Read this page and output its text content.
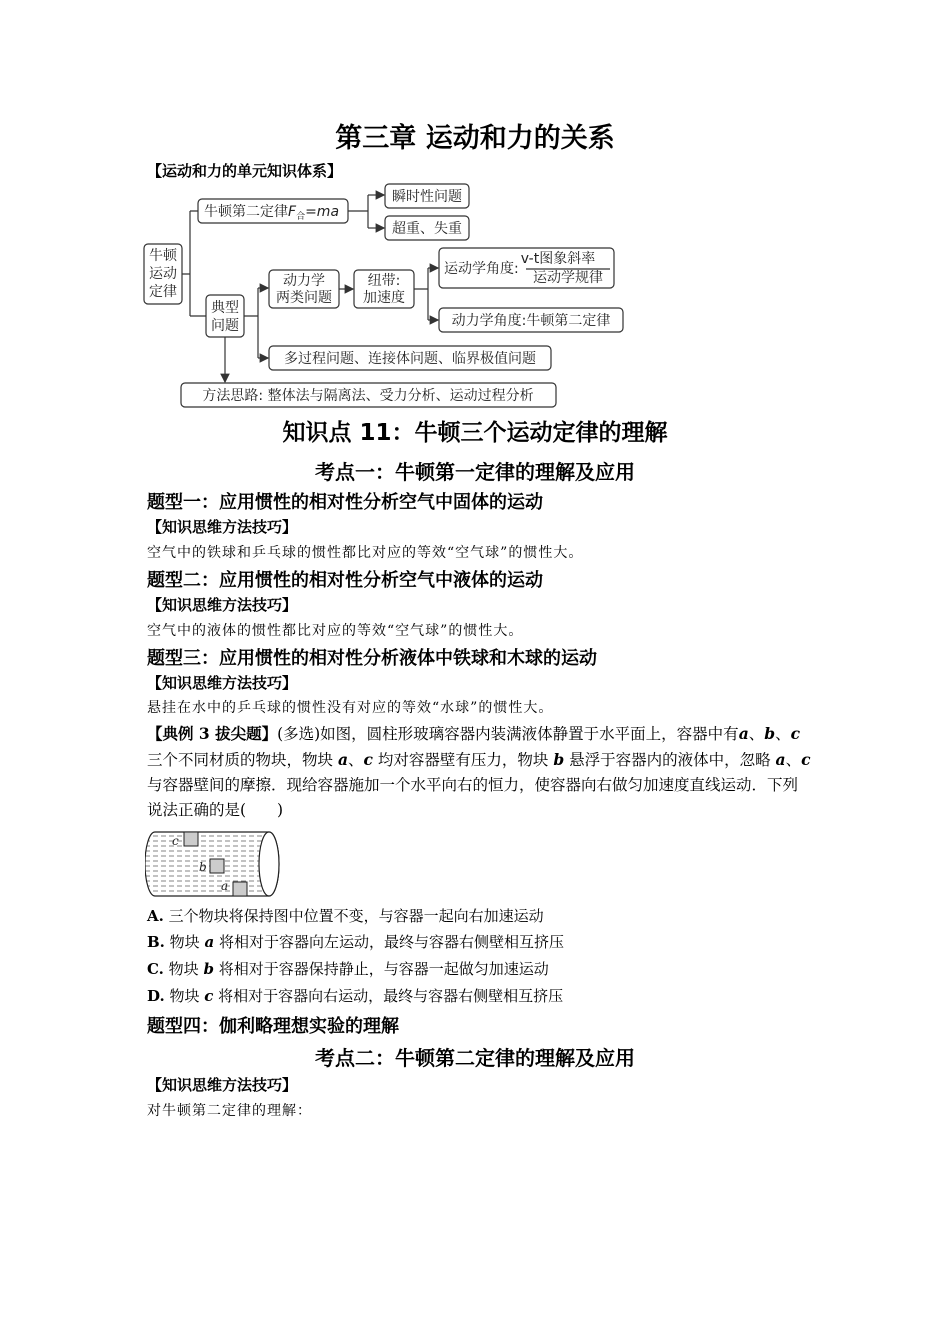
第三章 运动和力的关系
【运动和力的单元知识体系】
牛顿
运动
定律
牛顿第二定律$F_合=ma$
瞬时性问题
超重、失重
典型
问题
动力学
两类问题
纽带:
加速度
运动学角度:
v-t图象斜率
运动学规律
动力学角度:牛顿第二定律
多过程问题、连接体问题、临界极值问题
方法思路: 整体法与隔离法、受力分析、运动过程分析
知识点 11：牛顿三个运动定律的理解
考点一：牛顿第一定律的理解及应用
题型一：应用惯性的相对性分析空气中固体的运动
【知识思维方法技巧】
空气中的铁球和乒乓球的惯性都比对应的等效“空气球”的惯性大。
题型二：应用惯性的相对性分析空气中液体的运动
【知识思维方法技巧】
空气中的液体的惯性都比对应的等效“空气球”的惯性大。
题型三：应用惯性的相对性分析液体中铁球和木球的运动
【知识思维方法技巧】
悬挂在水中的乒乓球的惯性没有对应的等效“水球”的惯性大。
【典例 3 拔尖题】(多选)如图，圆柱形玻璃容器内装满液体静置于水平面上，容器中有a、b、c 三个不同材质的物块，物块 a、c 均对容器壁有压力，物块 b 悬浮于容器内的液体中，忽略 a、c 与容器壁间的摩擦．现给容器施加一个水平向右的恒力，使容器向右做匀加速度直线运动．下列说法正确的是(　　)
c
b
a
A. 三个物块将保持图中位置不变，与容器一起向右加速运动
B. 物块 a 将相对于容器向左运动，最终与容器右侧壁相互挤压
C. 物块 b 将相对于容器保持静止，与容器一起做匀加速运动
D. 物块 c 将相对于容器向右运动，最终与容器右侧壁相互挤压
题型四：伽利略理想实验的理解
考点二：牛顿第二定律的理解及应用
【知识思维方法技巧】
对牛顿第二定律的理解：
